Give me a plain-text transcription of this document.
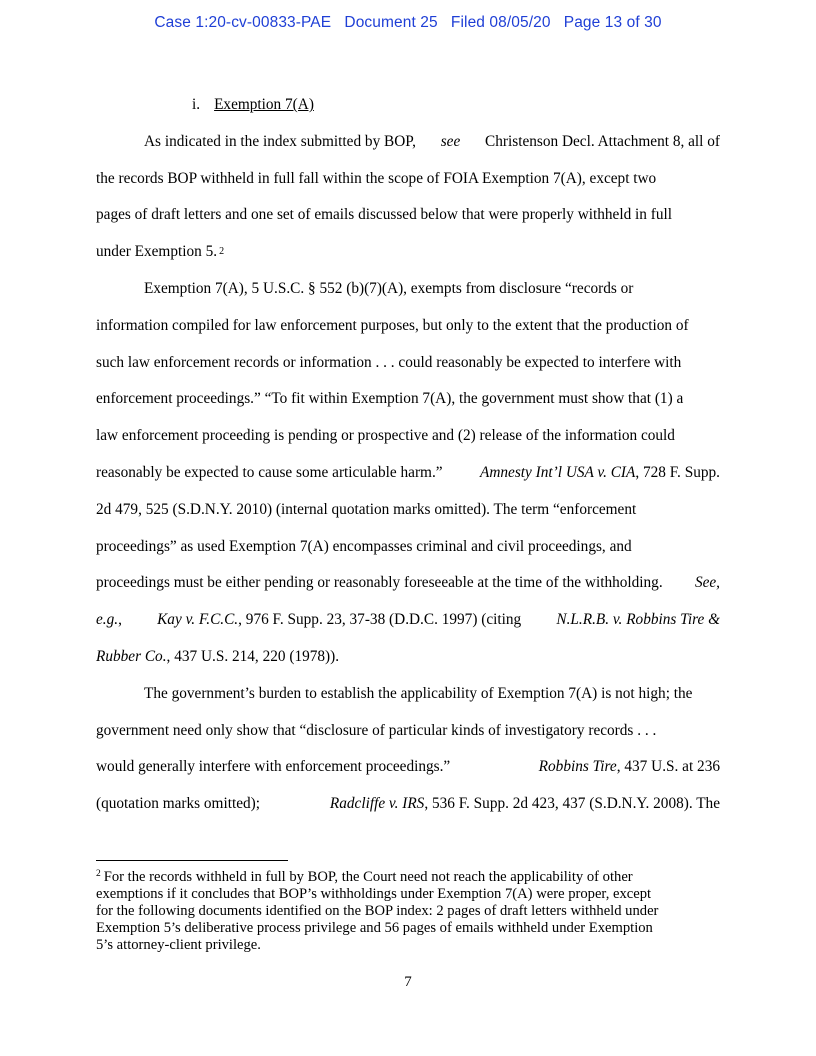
Case 1:20-cv-00833-PAE   Document 25   Filed 08/05/20   Page 13 of 30
i. Exemption 7(A)
As indicated in the index submitted by BOP, see Christenson Decl. Attachment 8, all of
the records BOP withheld in full fall within the scope of FOIA Exemption 7(A), except two
pages of draft letters and one set of emails discussed below that were properly withheld in full
under Exemption 5. 2
Exemption 7(A), 5 U.S.C. § 552 (b)(7)(A), exempts from disclosure “records or
information compiled for law enforcement purposes, but only to the extent that the production of
such law enforcement records or information . . . could reasonably be expected to interfere with
enforcement proceedings.” “To fit within Exemption 7(A), the government must show that (1) a
law enforcement proceeding is pending or prospective and (2) release of the information could
reasonably be expected to cause some articulable harm.” Amnesty Int’l USA v. CIA, 728 F. Supp.
2d 479, 525 (S.D.N.Y. 2010) (internal quotation marks omitted). The term “enforcement
proceedings” as used Exemption 7(A) encompasses criminal and civil proceedings, and
proceedings must be either pending or reasonably foreseeable at the time of the withholding. See,
e.g., Kay v. F.C.C., 976 F. Supp. 23, 37-38 (D.D.C. 1997) (citing N.L.R.B. v. Robbins Tire &
Rubber Co. , 437 U.S. 214, 220 (1978)).
The government’s burden to establish the applicability of Exemption 7(A) is not high; the
government need only show that “disclosure of particular kinds of investigatory records . . .
would generally interfere with enforcement proceedings.”	Robbins Tire, 437 U.S. at 236
(quotation marks omitted);	Radcliffe v. IRS, 536 F. Supp. 2d 423, 437 (S.D.N.Y. 2008). The
$^2$ For the records withheld in full by BOP, the Court need not reach the applicability of other
exemptions if it concludes that BOP’s withholdings under Exemption 7(A) were proper, except
for the following documents identified on the BOP index: 2 pages of draft letters withheld under
Exemption 5’s deliberative process privilege and 56 pages of emails withheld under Exemption
5’s attorney-client privilege.
7
